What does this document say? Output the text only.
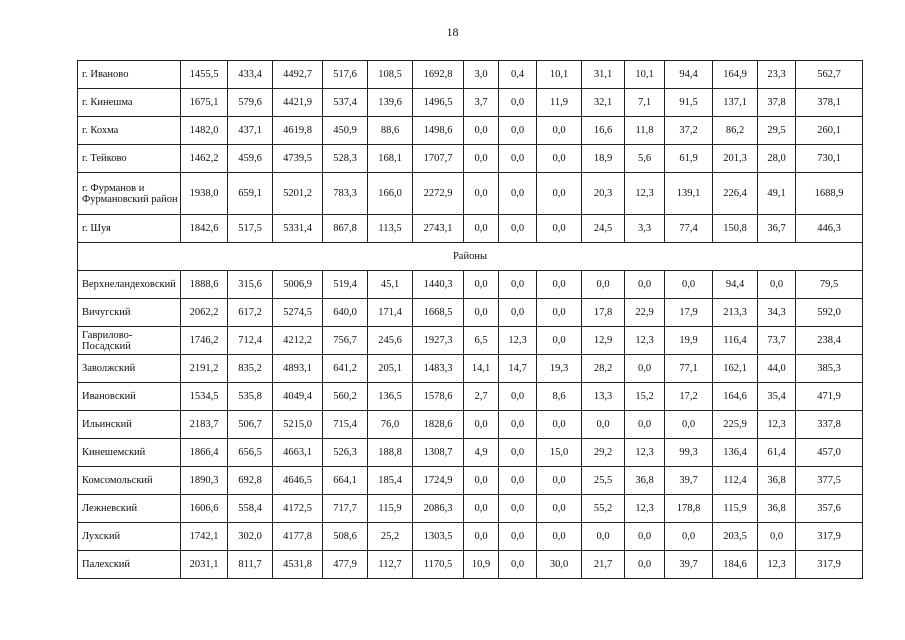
18
г. Иваново	1455,5	433,4	4492,7	517,6	108,5	1692,8	3,0	0,4	10,1	31,1	10,1	94,4	164,9	23,3	562,7
г. Кинешма	1675,1	579,6	4421,9	537,4	139,6	1496,5	3,7	0,0	11,9	32,1	7,1	91,5	137,1	37,8	378,1
г. Кохма	1482,0	437,1	4619,8	450,9	88,6	1498,6	0,0	0,0	0,0	16,6	11,8	37,2	86,2	29,5	260,1
г. Тейково	1462,2	459,6	4739,5	528,3	168,1	1707,7	0,0	0,0	0,0	18,9	5,6	61,9	201,3	28,0	730,1
г. Фурманов и Фурмановский район	1938,0	659,1	5201,2	783,3	166,0	2272,9	0,0	0,0	0,0	20,3	12,3	139,1	226,4	49,1	1688,9
г. Шуя	1842,6	517,5	5331,4	867,8	113,5	2743,1	0,0	0,0	0,0	24,5	3,3	77,4	150,8	36,7	446,3
Районы															
Верхнеландеховский	1888,6	315,6	5006,9	519,4	45,1	1440,3	0,0	0,0	0,0	0,0	0,0	0,0	94,4	0,0	79,5
Вичугский	2062,2	617,2	5274,5	640,0	171,4	1668,5	0,0	0,0	0,0	17,8	22,9	17,9	213,3	34,3	592,0
Гаврилово-Посадский	1746,2	712,4	4212,2	756,7	245,6	1927,3	6,5	12,3	0,0	12,9	12,3	19,9	116,4	73,7	238,4
Заволжский	2191,2	835,2	4893,1	641,2	205,1	1483,3	14,1	14,7	19,3	28,2	0,0	77,1	162,1	44,0	385,3
Ивановский	1534,5	535,8	4049,4	560,2	136,5	1578,6	2,7	0,0	8,6	13,3	15,2	17,2	164,6	35,4	471,9
Ильинский	2183,7	506,7	5215,0	715,4	76,0	1828,6	0,0	0,0	0,0	0,0	0,0	0,0	225,9	12,3	337,8
Кинешемский	1866,4	656,5	4663,1	526,3	188,8	1308,7	4,9	0,0	15,0	29,2	12,3	99,3	136,4	61,4	457,0
Комсомольский	1890,3	692,8	4646,5	664,1	185,4	1724,9	0,0	0,0	0,0	25,5	36,8	39,7	112,4	36,8	377,5
Лежневский	1606,6	558,4	4172,5	717,7	115,9	2086,3	0,0	0,0	0,0	55,2	12,3	178,8	115,9	36,8	357,6
Лухский	1742,1	302,0	4177,8	508,6	25,2	1303,5	0,0	0,0	0,0	0,0	0,0	0,0	203,5	0,0	317,9
Палехский	2031,1	811,7	4531,8	477,9	112,7	1170,5	10,9	0,0	30,0	21,7	0,0	39,7	184,6	12,3	317,9
